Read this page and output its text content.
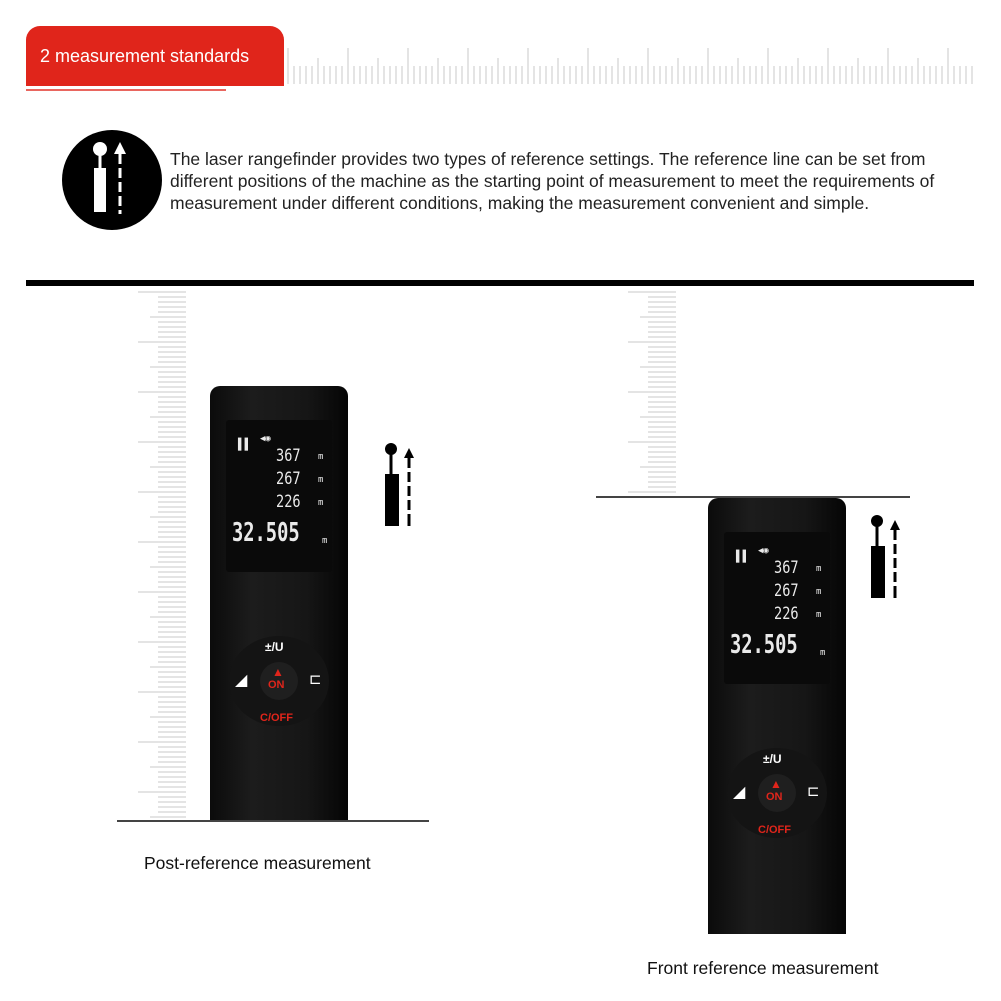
2 measurement standards

The laser rangefinder provides two types of reference settings. The reference line can be set from different positions of the machine as the starting point of measurement to meet the requirements of measurement under different conditions, making the measurement convenient and simple.

▌▌ ◀◉
367 m
267 m
226 m
32.505 m
±/U
◢	⊏
▲
ON
C/OFF
Post-reference measurement
▌▌ ◀◉
367 m
267 m
226 m
32.505 m
±/U
◢	⊏
▲
ON
C/OFF
Front reference measurement
